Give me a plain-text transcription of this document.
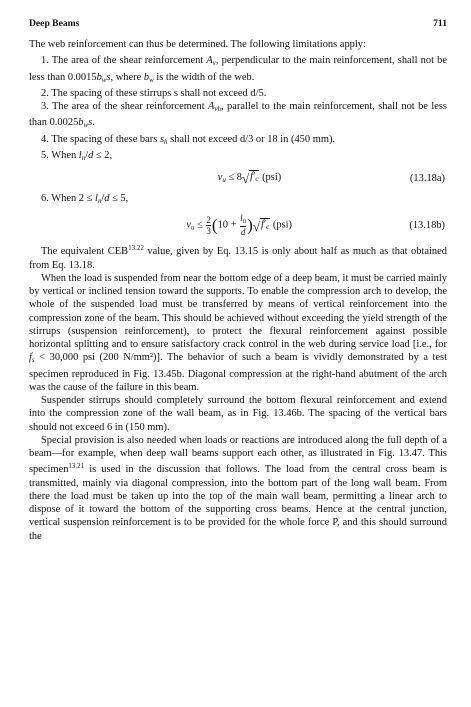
Deep Beams	711

The web reinforcement can thus be determined. The following limitations apply:

1. The area of the shear reinforcement $A_v$, perpendicular to the main reinforcement, shall not be less than $0.0015b_ws$, where $b_w$ is the width of the web.

2. The spacing of these stirrups s shall not exceed d/5.

3. The area of the shear reinforcement $A_{vh}$, parallel to the main reinforcement, shall not be less than $0.0025b_ws$.

4. The spacing of these bars $s_h$ shall not exceed d/3 or 18 in (450 mm).

5. When $l_n/d \le 2$,

$v_u \le 8$ √ $f'_c$ (psi)	(13.18a)

6. When $2 \le l_n/d \le 5$,

$v_u \le \frac{2}{3} (10 + \frac{l_n}{d}$ ) √ $f'_c$ (psi)	(13.18b)

The equivalent $CEB^{13.22}$ value, given by Eq. 13.15 is only about half as much as that obtained from Eq. 13.18.

When the load is suspended from near the bottom edge of a deep beam, it must be carried mainly by vertical or inclined tension toward the supports. To enable the compression arch to develop, the whole of the suspended load must be transferred by means of vertical reinforcement into the compression zone of the beam. This should be achieved without exceeding the yield strength of the stirrups (suspension reinforcement), to protect the flexural reinforcement against possible horizontal splitting and to ensure satisfactory crack control in the web during service load [i.e., for $f_s < 30,000$ psi (200 N/mm²)]. The behavior of such a beam is vividly demonstrated by a test specimen reproduced in Fig. 13.45b. Diagonal compression at the right-hand abutment of the arch was the cause of the failure in this beam.

Suspender stirrups should completely surround the bottom flexural reinforcement and extend into the compression zone of the wall beam, as in Fig. 13.46b. The spacing of the vertical bars should not exceed 6 in (150 mm).

Special provision is also needed when loads or reactions are introduced along the full depth of a beam—for example, when deep wall beams support each other, as illustrated in Fig. 13.47. This specimen$^{13.21}$ is used in the discussion that follows. The load from the central cross beam is transmitted, mainly via diagonal compression, into the bottom part of the long wall beam. From there the load must be taken up into the top of the main wall beam, permitting a linear arch to dispose of it toward the bottom of the supporting cross beams. Hence at the central junction, vertical suspension reinforcement is to be provided for the whole force P, and this should surround the
